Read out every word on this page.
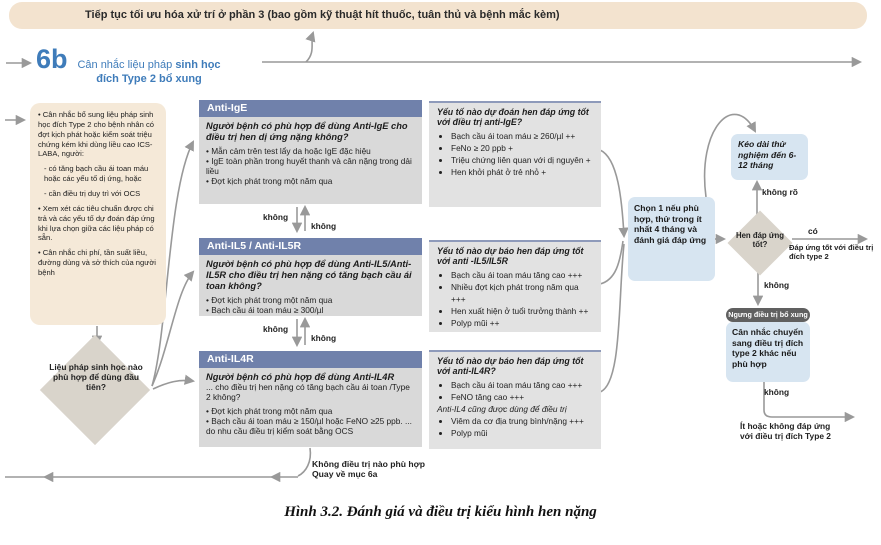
Tiếp tục tối ưu hóa xử trí ở phần 3 (bao gồm kỹ thuật hít thuốc, tuân thủ và bệnh mắc kèm)
6b Cân nhắc liệu pháp sinh học
đích Type 2 bổ xung

• Cân nhắc bổ sung liệu pháp sinh học đích Type 2 cho bệnh nhân có đợt kịch phát hoặc kiểm soát triệu chứng kém khi dùng liều cao ICS-LABA, người:

- có tăng bạch cầu ái toan máu hoặc các yếu tố dị ứng, hoặc

- cần điều trị duy trì với OCS

• Xem xét các tiêu chuẩn được chi trả và các yếu tố dự đoán đáp ứng khi lựa chọn giữa các liệu pháp có sẵn.

• Cân nhắc chi phí, tần suất liều, đường dùng và sở thích của người bệnh

Liệu pháp sinh học nào phù hợp để dùng đầu tiên?
Anti-IgE

Người bệnh có phù hợp để dùng Anti-IgE cho điều trị hen dị ứng nặng không?

• Mẫn cảm trên test lẩy da hoặc IgE đặc hiệu
• IgE toàn phần trong huyết thanh và cân nặng trong dải liều
• Đợt kịch phát trong một năm qua
Anti-IL5 / Anti-IL5R

Người bệnh có phù hợp để dùng Anti-IL5/Anti-IL5R cho điều trị hen nặng có tăng bạch cầu ái toan không?

• Đợt kịch phát trong một năm qua
• Bạch cầu ái toan máu ≥ 300/µl
Anti-IL4R

Người bệnh có phù hợp để dùng Anti-IL4R

... cho điều trị hen nặng có tăng bạch cầu ái toan /Type 2 không?

• Đợt kịch phát trong một năm qua
• Bạch cầu ái toan máu ≥ 150/µl hoặc FeNO ≥25 ppb. ... do nhu cầu điều trị kiểm soát bằng OCS

Yếu tố nào dự đoán hen đáp ứng tốt với điều trị anti-IgE?

• Bạch cầu ái toan máu ≥ 260/µl ++
• FeNo ≥ 20 ppb +
• Triệu chứng liên quan với dị nguyên +
• Hen khởi phát ở trẻ nhỏ +

Yếu tố nào dự báo hen đáp ứng tốt với anti -IL5/IL5R

• Bạch cầu ái toan máu tăng cao +++
• Nhiều đợt kịch phát trong năm qua +++
• Hen xuất hiện ở tuổi trưởng thành ++
• Polyp mũi ++

Yếu tố nào dự báo hen đáp ứng tốt với anti-IL4R?

• Bạch cầu ái toan máu tăng cao +++
• FeNO tăng cao +++

Anti-IL4 cũng được dùng để điều trị

• Viêm da cơ địa trung bình/nặng +++
• Polyp mũi
không
không
không
không
Chọn 1 nếu phù hợp, thử trong ít nhất 4 tháng và đánh giá đáp ứng
Kéo dài thử nghiệm đến 6-12 tháng
không rõ
Hen đáp ứng tốt?
có
Đáp ứng tốt với điều trị đích type 2
không
Ngưng điều trị bổ xung
Cân nhắc chuyển sang điều trị đích type 2 khác nếu phù hợp
không
Ít hoặc không đáp ứng với điều trị đích Type 2
Không điều trị nào phù hợp
Quay về mục 6a
Hình 3.2. Đánh giá và điều trị kiểu hình hen nặng
